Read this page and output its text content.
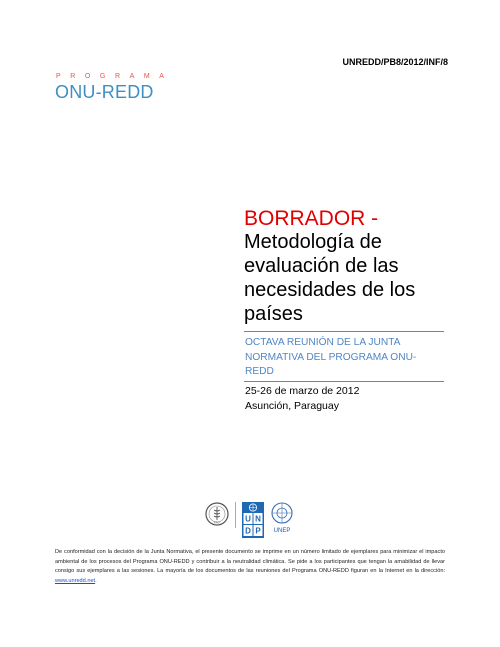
UNREDD/PB8/2012/INF/8
P R O G R A M A
ONU-REDD
BORRADOR -
Metodología de
evaluación de las
necesidades de los
países
OCTAVA REUNIÓN DE LA JUNTA
NORMATIVA DEL PROGRAMA ONU-
REDD
25-26 de marzo de 2012
Asunción, Paraguay
FAO	U N
D P UNEP
De conformidad con la decisión de la Junta Normativa, el presente documento se imprime en un número limitado de ejemplares para minimizar el impacto ambiental de los procesos del Programa ONU-REDD y contribuir a la neutralidad climática. Se pide a los participantes que tengan la amabilidad de llevar consigo sus ejemplares a las sesiones. La mayoría de los documentos de las reuniones del Programa ONU-REDD figuran en la Internet en la dirección: www.unredd.net.
